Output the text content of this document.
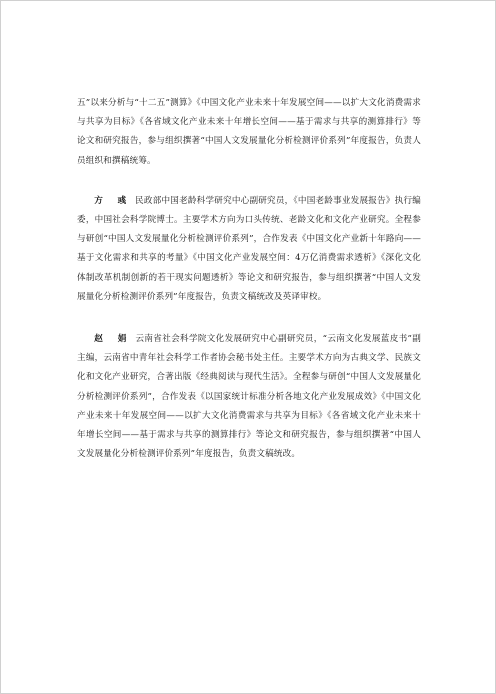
五”以来分析与“十二五”测算》《中国文化产业未来十年发展空间——以扩大文化消费需求与共享为目标》《各省域文化产业未来十年增长空间——基于需求与共享的测算排行》等论文和研究报告，参与组织撰著“中国人文发展量化分析检测评价系列”年度报告，负责人员组织和撰稿统筹。

方　彧 民政部中国老龄科学研究中心副研究员，《中国老龄事业发展报告》执行编委，中国社会科学院博士。主要学术方向为口头传统、老龄文化和文化产业研究。全程参与研创“中国人文发展量化分析检测评价系列”，合作发表《中国文化产业新十年路向——基于文化需求和共享的考量》《中国文化产业发展空间：4万亿消费需求透析》《深化文化体制改革机制创新的若干现实问题透析》等论文和研究报告，参与组织撰著“中国人文发展量化分析检测评价系列”年度报告，负责文稿统改及英译审校。

赵　娟 云南省社会科学院文化发展研究中心副研究员，“云南文化发展蓝皮书”副主编，云南省中青年社会科学工作者协会秘书处主任。主要学术方向为古典文学、民族文化和文化产业研究，合著出版《经典阅读与现代生活》。全程参与研创“中国人文发展量化分析检测评价系列”，合作发表《以国家统计标准分析各地文化产业发展成效》《中国文化产业未来十年发展空间——以扩大文化消费需求与共享为目标》《各省域文化产业未来十年增长空间——基于需求与共享的测算排行》等论文和研究报告，参与组织撰著“中国人文发展量化分析检测评价系列”年度报告，负责文稿统改。
